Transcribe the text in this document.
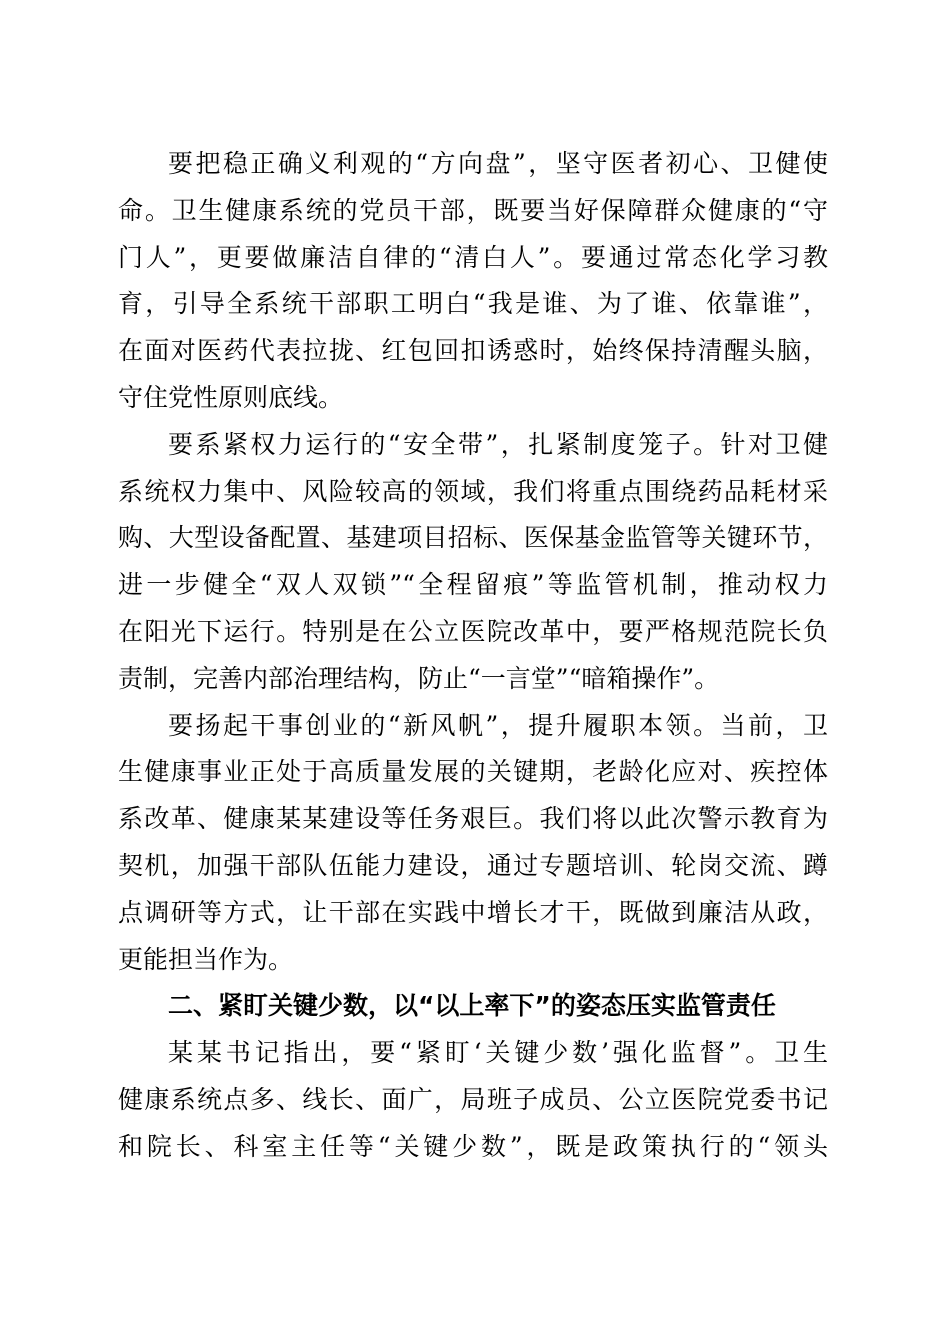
要把稳正确义利观的“方向盘”，坚守医者初心、卫健使
命。卫生健康系统的党员干部，既要当好保障群众健康的“守
门人”，更要做廉洁自律的“清白人”。要通过常态化学习教
育，引导全系统干部职工明白“我是谁、为了谁、依靠谁”，
在面对医药代表拉拢、红包回扣诱惑时，始终保持清醒头脑，
守住党性原则底线。
要系紧权力运行的“安全带”，扎紧制度笼子。针对卫健
系统权力集中、风险较高的领域，我们将重点围绕药品耗材采
购、大型设备配置、基建项目招标、医保基金监管等关键环节，
进一步健全“双人双锁”“全程留痕”等监管机制，推动权力
在阳光下运行。特别是在公立医院改革中，要严格规范院长负
责制，完善内部治理结构，防止“一言堂”“暗箱操作”。
要扬起干事创业的“新风帆”，提升履职本领。当前，卫
生健康事业正处于高质量发展的关键期，老龄化应对、疾控体
系改革、健康某某建设等任务艰巨。我们将以此次警示教育为
契机，加强干部队伍能力建设，通过专题培训、轮岗交流、蹲
点调研等方式，让干部在实践中增长才干，既做到廉洁从政，
更能担当作为。
二、紧盯关键少数，以“以上率下”的姿态压实监管责任
某某书记指出，要“紧盯‘关键少数’强化监督”。卫生
健康系统点多、线长、面广，局班子成员、公立医院党委书记
和院长、科室主任等“关键少数”，既是政策执行的“领头
